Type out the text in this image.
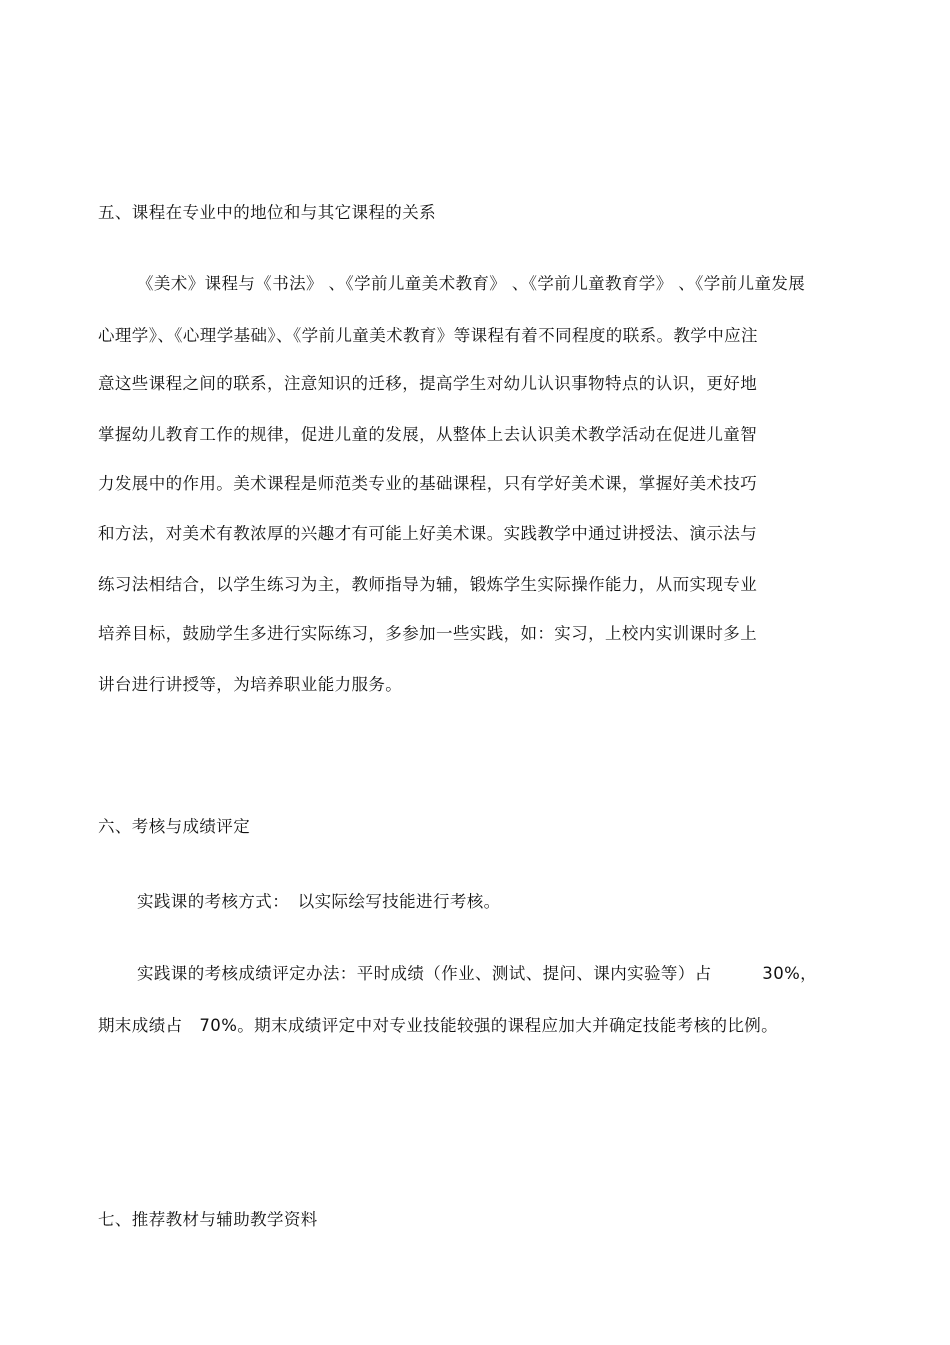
五、课程在专业中的地位和与其它课程的关系
《美术》课程与《书法》 、《学前儿童美术教育》 、《学前儿童教育学》 、《学前儿童发展
心理学》、《心理学基础》、《学前儿童美术教育》等课程有着不同程度的联系。教学中应注
意这些课程之间的联系，注意知识的迁移，提高学生对幼儿认识事物特点的认识，更好地
掌握幼儿教育工作的规律，促进儿童的发展，从整体上去认识美术教学活动在促进儿童智
力发展中的作用。美术课程是师范类专业的基础课程，只有学好美术课，掌握好美术技巧
和方法，对美术有教浓厚的兴趣才有可能上好美术课。实践教学中通过讲授法、演示法与
练习法相结合，以学生练习为主，教师指导为辅，锻炼学生实际操作能力，从而实现专业
培养目标，鼓励学生多进行实际练习，多参加一些实践，如：实习，上校内实训课时多上
讲台进行讲授等，为培养职业能力服务。
六、考核与成绩评定
实践课的考核方式：　以实际绘写技能进行考核。
实践课的考核成绩评定办法：平时成绩（作业、测试、提问、课内实验等）占　　　30%，
期末成绩占　70%。期末成绩评定中对专业技能较强的课程应加大并确定技能考核的比例。
七、推荐教材与辅助教学资料
